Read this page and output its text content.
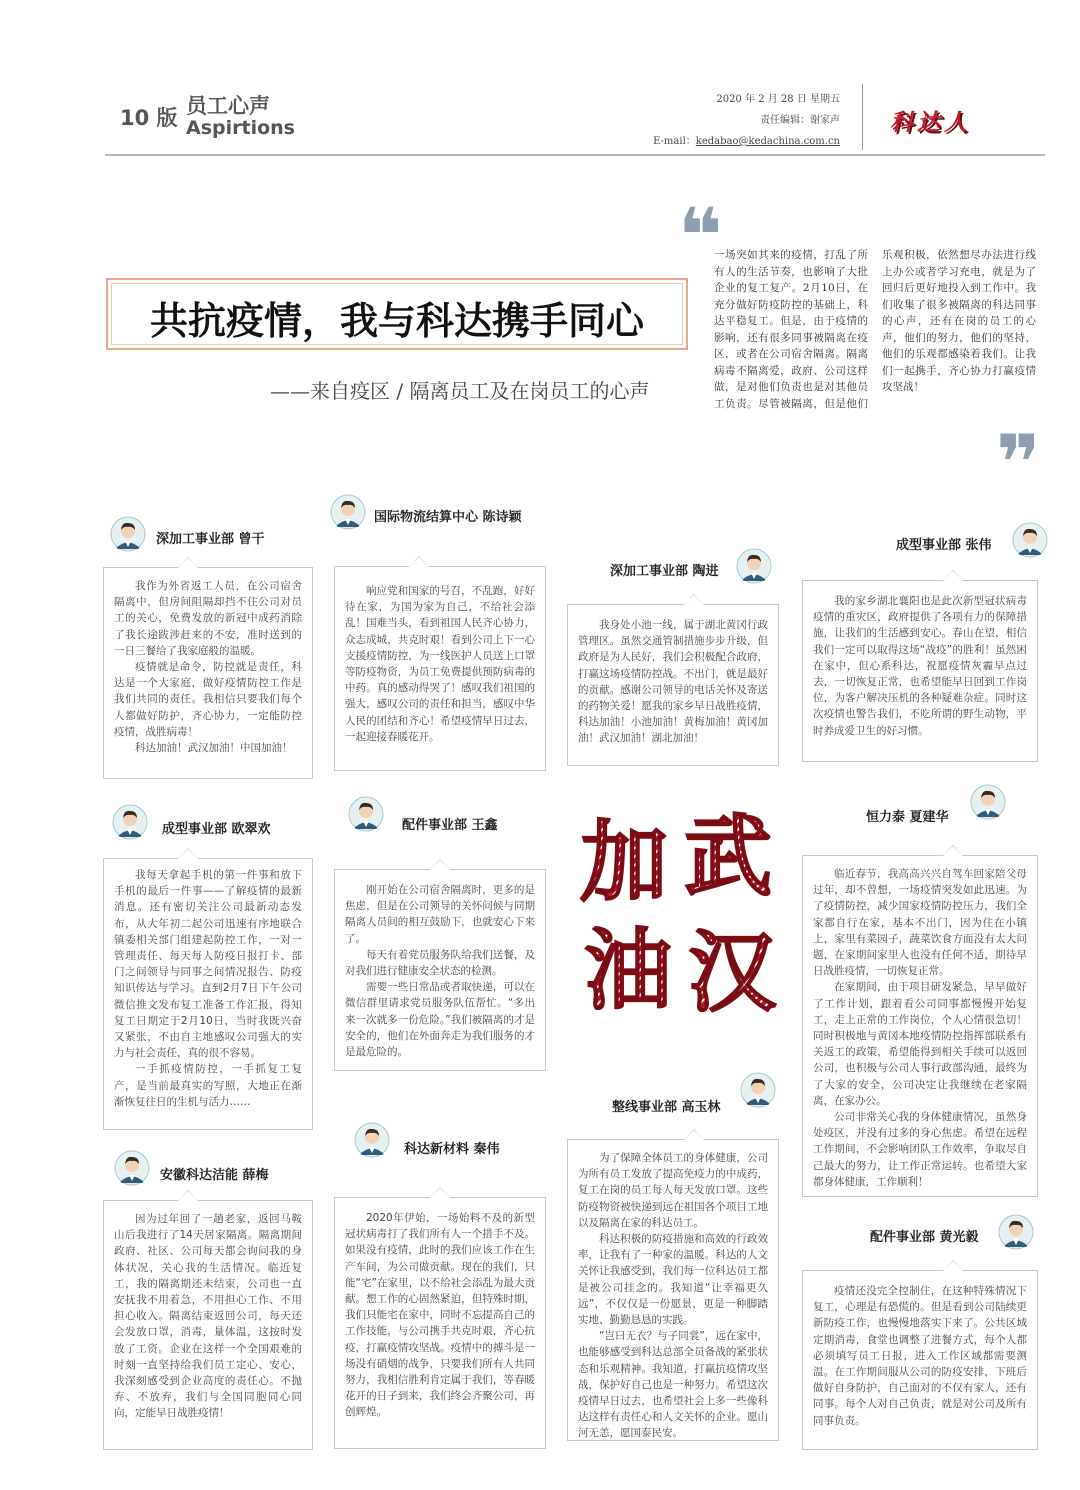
10 版 员工心声
Aspirtions
2020 年 2 月 28 日 星期五
责任编辑：谢家声
E-mail：kedabao@kedachina.com.cn
科达人
共抗疫情，我与科达携手同心
——来自疫区 / 隔离员工及在岗员工的心声
❝
一场突如其来的疫情，打乱了所有人的生活节奏，也影响了大批企业的复工复产。2月10日，在充分做好防疫防控的基础上，科达平稳复工。但是，由于疫情的影响，还有很多同事被隔离在疫区，或者在公司宿舍隔离。隔离病毒不隔离爱，政府、公司这样做，是对他们负责也是对其他员工负责。尽管被隔离，但是他们乐观积极，依然想尽办法进行线上办公或者学习充电，就是为了回归后更好地投入到工作中。我们收集了很多被隔离的科达同事的心声，还有在岗的员工的心声，他们的努力，他们的坚持，他们的乐观都感染着我们。让我们一起携手，齐心协力打赢疫情攻坚战！
❞
深加工事业部 曾干

我作为外省返工人员，在公司宿舍隔离中，但房间阻隔却挡不住公司对员工的关心，免费发放的新冠中成药消除了我长途跋涉赶来的不安，准时送到的一日三餐给了我家庭般的温暖。

疫情就是命令，防控就是责任，科达是一个大家庭，做好疫情防控工作是我们共同的责任。我相信只要我们每个人都做好防护，齐心协力，一定能防控疫情，战胜病毒！

科达加油！武汉加油！中国加油！

国际物流结算中心 陈诗颖

响应党和国家的号召，不乱跑，好好待在家，为国为家为自己，不给社会添乱！国难当头，看到祖国人民齐心协力，众志成城，共克时艰！看到公司上下一心支援疫情防控，为一线医护人员送上口罩等防疫物资，为员工免费提供预防病毒的中药。真的感动得哭了！感叹我们祖国的强大，感叹公司的责任和担当，感叹中华人民的团结和齐心！希望疫情早日过去，一起迎接春暖花开。

深加工事业部 陶进

我身处小池一线，属于湖北黄冈行政管理区。虽然交通管制措施步步升级，但政府是为人民好，我们会积极配合政府，打赢这场疫情防控战。不出门，就是最好的贡献。感谢公司领导的电话关怀及寄送的药物关爱！愿我的家乡早日战胜疫情，科达加油！小池加油！黄梅加油！黄冈加油！武汉加油！湖北加油！

成型事业部 张伟

我的家乡湖北襄阳也是此次新型冠状病毒疫情的重灾区，政府提供了各项有力的保障措施，让我们的生活感到安心。春山在望，相信我们一定可以取得这场“战疫”的胜利！虽然困在家中，但心系科达，祝愿疫情灰霾早点过去，一切恢复正常，也希望能早日回到工作岗位，为客户解决压机的各种疑难杂症。同时这次疫情也警告我们，不吃所谓的野生动物，平时养成爱卫生的好习惯。

成型事业部 欧翠欢

我每天拿起手机的第一件事和放下手机的最后一件事——了解疫情的最新消息。还有密切关注公司最新动态发布，从大年初二起公司迅速有序地联合镇委相关部门组建起防控工作，一对一管理责任、每天每人防疫日报打卡、部门之间领导与同事之间情况报告、防疫知识传达与学习。直到2月7日下午公司微信推文发布复工准备工作汇报，得知复工日期定于2月10日，当时我既兴奋又紧张，不由自主地感叹公司强大的实力与社会责任，真的很不容易。

一手抓疫情防控，一手抓复工复产，是当前最真实的写照，大地正在渐渐恢复往日的生机与活力……

配件事业部 王鑫

刚开始在公司宿舍隔离时，更多的是焦虑，但是在公司领导的关怀问候与同期隔离人员间的相互鼓励下，也就安心下来了。

每天有着党员服务队给我们送餐，及对我们进行健康安全状态的检测。

需要一些日常品或者取快递，可以在微信群里请求党员服务队伍帮忙。“多出来一次就多一份危险。”我们被隔离的才是安全的，他们在外面奔走为我们服务的才是最危险的。

加 武
油 汉
恒力泰 夏建华

临近春节，我高高兴兴自驾车回家陪父母过年，却不曾想，一场疫情突发如此迅速。为了疫情防控，减少国家疫情防控压力，我们全家都自行在家，基本不出门，因为住在小镇上，家里有菜园子，蔬菜饮食方面没有太大问题，在家期间家里人也没有任何不适，期待早日战胜疫情，一切恢复正常。

在家期间，由于项目研发紧急，早早做好了工作计划，跟着看公司同事都慢慢开始复工，走上正常的工作岗位，个人心情很急切！同时积极地与黄冈本地疫情防控指挥部联系有关返工的政策，希望能得到相关手续可以返回公司，也积极与公司人事行政部沟通，最终为了大家的安全，公司决定让我继续在老家隔离，在家办公。

公司非常关心我的身体健康情况，虽然身处疫区，并没有过多的身心焦虑。希望在远程工作期间，不会影响团队工作效率，争取尽自己最大的努力，让工作正常运转。也希望大家都身体健康，工作顺利！

整线事业部 高玉林

为了保障全体员工的身体健康，公司为所有员工发放了提高免疫力的中成药，复工在岗的员工每人每天发放口罩。这些防疫物资被快递到远在祖国各个项目工地以及隔离在家的科达员工。

科达积极的防疫措施和高效的行政效率，让我有了一种家的温暖。科达的人文关怀让我感受到，我们每一位科达员工都是被公司挂念的。我知道“让幸福更久远”，不仅仅是一份愿景，更是一种脚踏实地、勤勤恳恳的实践。

“岂曰无衣？与子同裳”，远在家中，也能够感受到科达总部全员备战的紧张状态和乐观精神。我知道，打赢抗疫情攻坚战，保护好自己也是一种努力。希望这次疫情早日过去，也希望社会上多一些像科达这样有责任心和人文关怀的企业。愿山河无恙，愿国泰民安。

安徽科达洁能 薛梅

因为过年回了一趟老家，返回马鞍山后我进行了14天居家隔离。隔离期间政府、社区、公司每天都会询问我的身体状况，关心我的生活情况。临近复工，我的隔离期还未结束，公司也一直安抚我不用着急，不用担心工作、不用担心收入。隔离结束返回公司，每天还会发放口罩，消毒，量体温，这按时发放了工资。企业在这样一个全国艰难的时刻一直坚持给我们员工定心、安心，我深刻感受到企业高度的责任心。不抛弃、不放弃，我们与全国同胞同心同向，定能早日战胜疫情！

科达新材料 秦伟

2020年伊始，一场始料不及的新型冠状病毒打了我们所有人一个措手不及。如果没有疫情，此时的我们应该工作在生产车间，为公司做贡献。现在的我们，只能“宅”在家里，以不给社会添乱为最大贡献。想工作的心固然紧迫，但特殊时期，我们只能宅在家中，同时不忘提高自己的工作技能，与公司携手共克时艰，齐心抗疫，打赢疫情攻坚战。疫情中的搏斗是一场没有硝烟的战争，只要我们所有人共同努力，我相信胜利肯定属于我们，等春暖花开的日子到来，我们终会齐聚公司，再创辉煌。

配件事业部 黄光毅

疫情还没完全控制住，在这种特殊情况下复工，心理是有恐慌的。但是看到公司陆续更新防疫工作，也慢慢地落实下来了。公共区域定期消毒，食堂也调整了进餐方式，每个人都必须填写员工日报，进入工作区域都需要测温。在工作期间服从公司的防疫安排，下班后做好自身防护，自己面对的不仅有家人，还有同事。每个人对自己负责，就是对公司及所有同事负责。
